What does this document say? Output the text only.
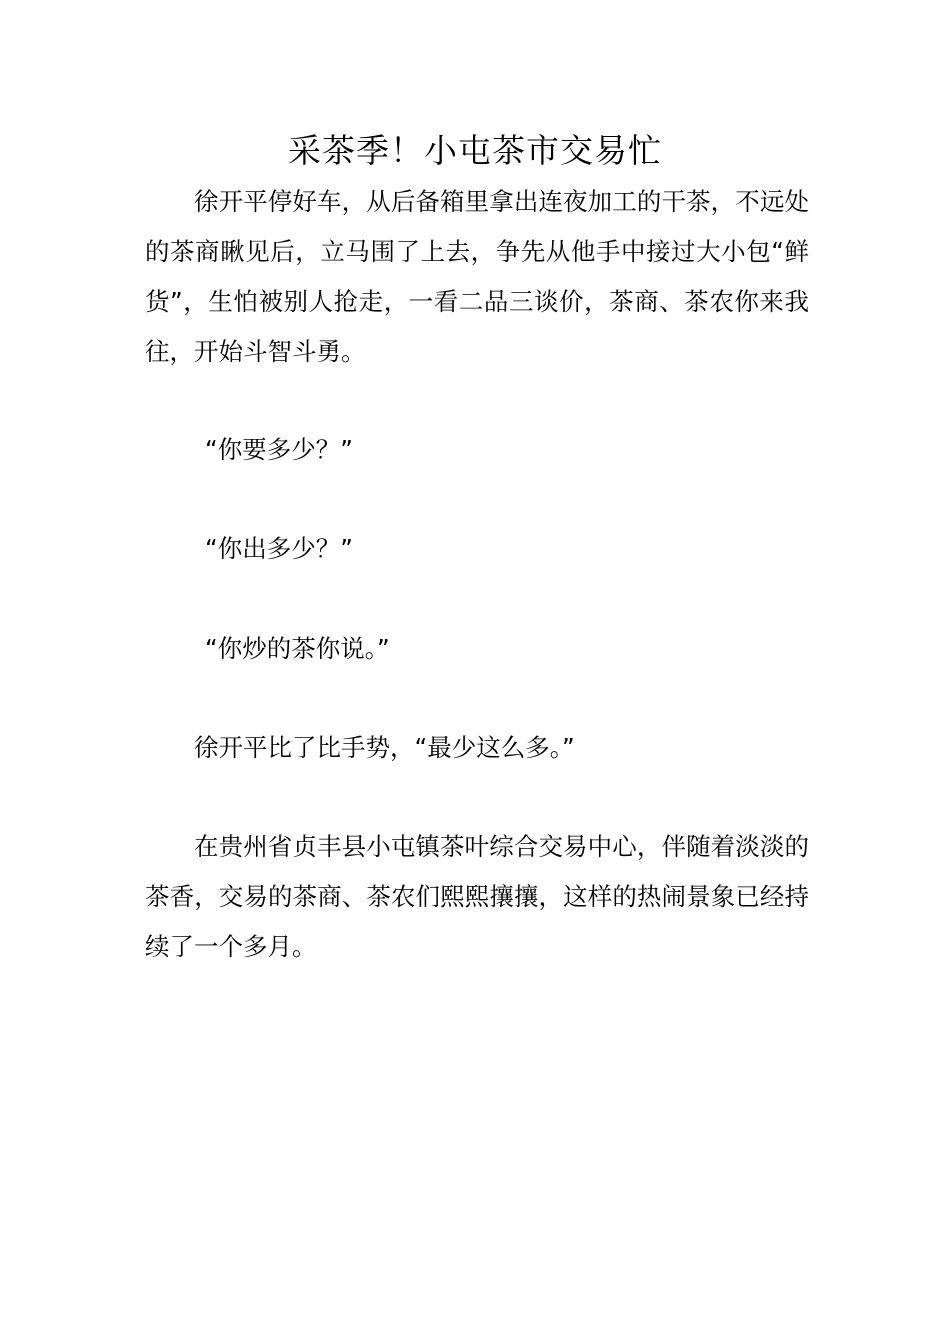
采茶季！小屯茶市交易忙

徐开平停好车，从后备箱里拿出连夜加工的干茶，不远处的茶商瞅见后，立马围了上去，争先从他手中接过大小包“鲜货”，生怕被别人抢走，一看二品三谈价，茶商、茶农你来我往，开始斗智斗勇。

“你要多少？”

“你出多少？”

“你炒的茶你说。”

徐开平比了比手势，“最少这么多。”

在贵州省贞丰县小屯镇茶叶综合交易中心，伴随着淡淡的茶香，交易的茶商、茶农们熙熙攘攘，这样的热闹景象已经持续了一个多月。
